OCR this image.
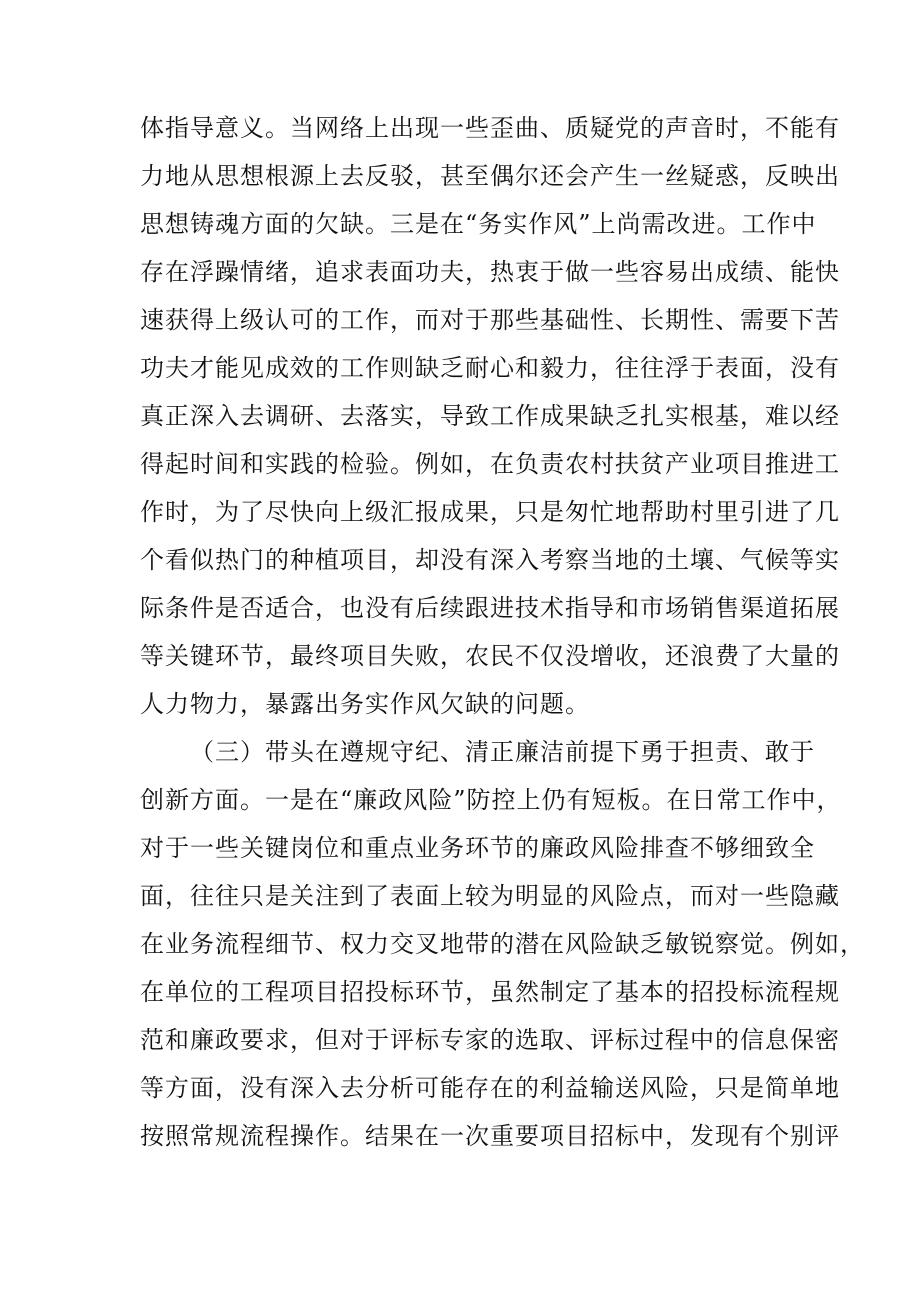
体指导意义。当网络上出现一些歪曲、质疑党的声音时，不能有
力地从思想根源上去反驳，甚至偶尔还会产生一丝疑惑，反映出
思想铸魂方面的欠缺。三是在“务实作风”上尚需改进。工作中
存在浮躁情绪，追求表面功夫，热衷于做一些容易出成绩、能快
速获得上级认可的工作，而对于那些基础性、长期性、需要下苦
功夫才能见成效的工作则缺乏耐心和毅力，往往浮于表面，没有
真正深入去调研、去落实，导致工作成果缺乏扎实根基，难以经
得起时间和实践的检验。例如，在负责农村扶贫产业项目推进工
作时，为了尽快向上级汇报成果，只是匆忙地帮助村里引进了几
个看似热门的种植项目，却没有深入考察当地的土壤、气候等实
际条件是否适合，也没有后续跟进技术指导和市场销售渠道拓展
等关键环节，最终项目失败，农民不仅没增收，还浪费了大量的
人力物力，暴露出务实作风欠缺的问题。
（三）带头在遵规守纪、清正廉洁前提下勇于担责、敢于
创新方面。一是在“廉政风险”防控上仍有短板。在日常工作中，
对于一些关键岗位和重点业务环节的廉政风险排查不够细致全
面，往往只是关注到了表面上较为明显的风险点，而对一些隐藏
在业务流程细节、权力交叉地带的潜在风险缺乏敏锐察觉。例如，
在单位的工程项目招投标环节，虽然制定了基本的招投标流程规
范和廉政要求，但对于评标专家的选取、评标过程中的信息保密
等方面，没有深入去分析可能存在的利益输送风险，只是简单地
按照常规流程操作。结果在一次重要项目招标中，发现有个别评
